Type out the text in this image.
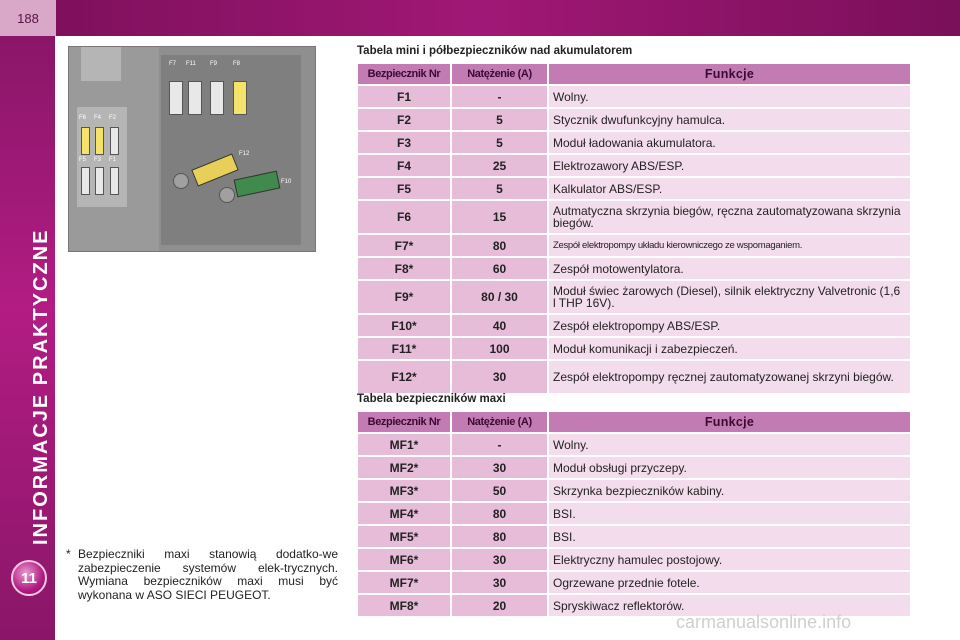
188
INFORMACJE PRAKTYCZNE
11
F7 F11 F9	F8
F6 F4 F2
F5 F3 F1
F12
F10
Tabela mini i półbezpieczników nad akumulatorem
Bezpiecznik Nr	Natężenie (A)	Funkcje
F1	-	Wolny.
F2	5	Stycznik dwufunkcyjny hamulca.
F3	5	Moduł ładowania akumulatora.
F4	25	Elektrozawory ABS/ESP.
F5	5	Kalkulator ABS/ESP.
F6	15	Autmatyczna skrzynia biegów, ręczna zautomatyzowana skrzynia biegów.
F7*	80	Zespół elektropompy układu kierowniczego ze wspomaganiem.
F8*	60	Zespół motowentylatora.
F9*	80 / 30	Moduł świec żarowych (Diesel), silnik elektryczny Valvetronic (1,6 l THP 16V).
F10*	40	Zespół elektropompy ABS/ESP.
F11*	100	Moduł komunikacji i zabezpieczeń.
F12*	30	Zespół elektropompy ręcznej zautomatyzowanej skrzyni biegów.
Tabela bezpieczników maxi
Bezpiecznik Nr	Natężenie (A)	Funkcje
MF1*	-	Wolny.
MF2*	30	Moduł obsługi przyczepy.
MF3*	50	Skrzynka bezpieczników kabiny.
MF4*	80	BSI.
MF5*	80	BSI.
MF6*	30	Elektryczny hamulec postojowy.
MF7*	30	Ogrzewane przednie fotele.
MF8*	20	Spryskiwacz reflektorów.
* Bezpieczniki maxi stanowią dodatko-we zabezpieczenie systemów elek-trycznych. Wymiana bezpieczników maxi musi być wykonana w ASO SIECI PEUGEOT.
carmanualsonline.info
